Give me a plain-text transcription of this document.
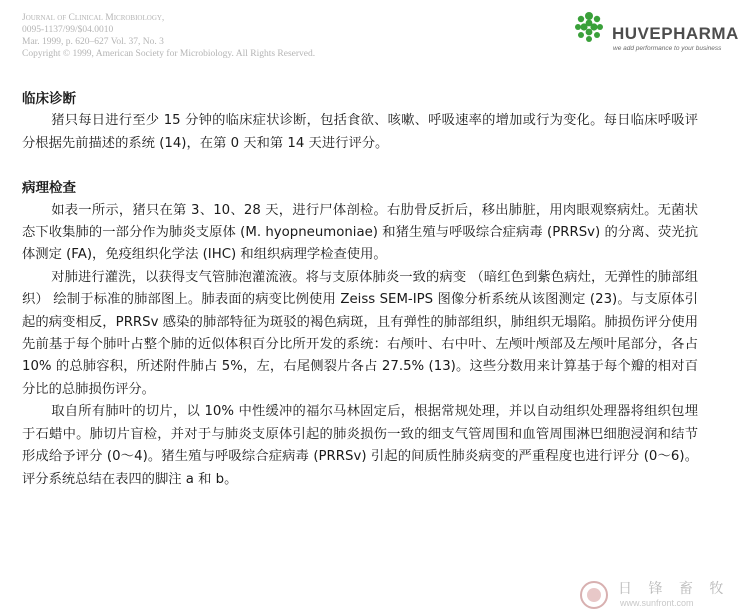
Journal of Clinical Microbiology,
0095-1137/99/$04.0010
Mar. 1999, p. 620–627 Vol. 37, No. 3
Copyright © 1999, American Society for Microbiology. All Rights Reserved.
HUVEPHARMA
we add performance to your business
临床诊断

猪只每日进行至少 15 分钟的临床症状诊断，包括食欲、咳嗽、呼吸速率的增加或行为变化。每日临床呼吸评分根据先前描述的系统 (14)，在第 0 天和第 14 天进行评分。

病理检查

如表一所示，猪只在第 3、10、28 天，进行尸体剖检。右肋骨反折后，移出肺脏，用肉眼观察病灶。无菌状态下收集肺的一部分作为肺炎支原体 (M. hyopneumoniae) 和猪生殖与呼吸综合症病毒 (PRRSv) 的分离、荧光抗体测定 (FA)，免疫组织化学法 (IHC) 和组织病理学检查使用。

对肺进行灌洗，以获得支气管肺泡灌流液。将与支原体肺炎一致的病变 （暗红色到紫色病灶，无弹性的肺部组织） 绘制于标准的肺部图上。肺表面的病变比例使用 Zeiss SEM-IPS 图像分析系统从该图测定 (23)。与支原体引起的病变相反，PRRSv 感染的肺部特征为斑驳的褐色病斑，且有弹性的肺部组织，肺组织无塌陷。肺损伤评分使用先前基于每个肺叶占整个肺的近似体积百分比所开发的系统：右颅叶、右中叶、左颅叶颅部及左颅叶尾部分，各占 10% 的总肺容积，所述附件肺占 5%，左，右尾侧裂片各占 27.5% (13)。这些分数用来计算基于每个瓣的相对百分比的总肺损伤评分。

取自所有肺叶的切片，以 10% 中性缓冲的福尔马林固定后，根据常规处理，并以自动组织处理器将组织包埋于石蜡中。肺切片盲检，并对于与肺炎支原体引起的肺炎损伤一致的细支气管周围和血管周围淋巴细胞浸润和结节形成给予评分 (0～4)。猪生殖与呼吸综合症病毒 (PRRSv) 引起的间质性肺炎病变的严重程度也进行评分 (0～6)。评分系统总结在表四的脚注 a 和 b。

日 锋 畜 牧
www.sunfront.com
